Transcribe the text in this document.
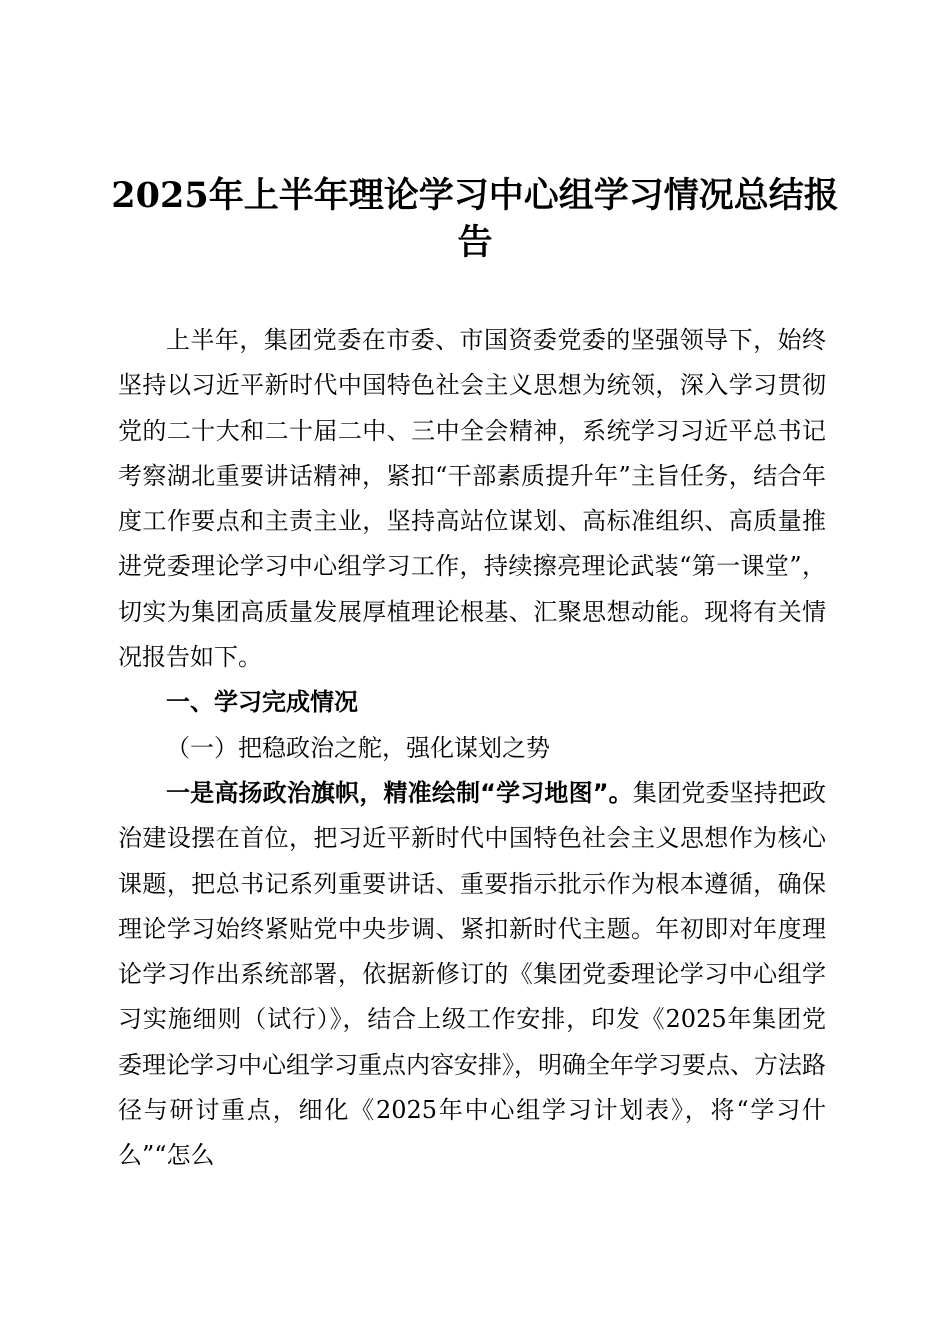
2025年上半年理论学习中心组学习情况总结报告

上半年，集团党委在市委、市国资委党委的坚强领导下，始终坚持以习近平新时代中国特色社会主义思想为统领，深入学习贯彻党的二十大和二十届二中、三中全会精神，系统学习习近平总书记考察湖北重要讲话精神，紧扣“干部素质提升年”主旨任务，结合年度工作要点和主责主业，坚持高站位谋划、高标准组织、高质量推进党委理论学习中心组学习工作，持续擦亮理论武装“第一课堂”，切实为集团高质量发展厚植理论根基、汇聚思想动能。现将有关情况报告如下。

一、学习完成情况

（一）把稳政治之舵，强化谋划之势

一是高扬政治旗帜，精准绘制“学习地图”。集团党委坚持把政治建设摆在首位，把习近平新时代中国特色社会主义思想作为核心课题，把总书记系列重要讲话、重要指示批示作为根本遵循，确保理论学习始终紧贴党中央步调、紧扣新时代主题。年初即对年度理论学习作出系统部署，依据新修订的《集团党委理论学习中心组学习实施细则（试行）》，结合上级工作安排，印发《2025年集团党委理论学习中心组学习重点内容安排》，明确全年学习要点、方法路径与研讨重点，细化《2025年中心组学习计划表》，将“学习什么”“怎么
